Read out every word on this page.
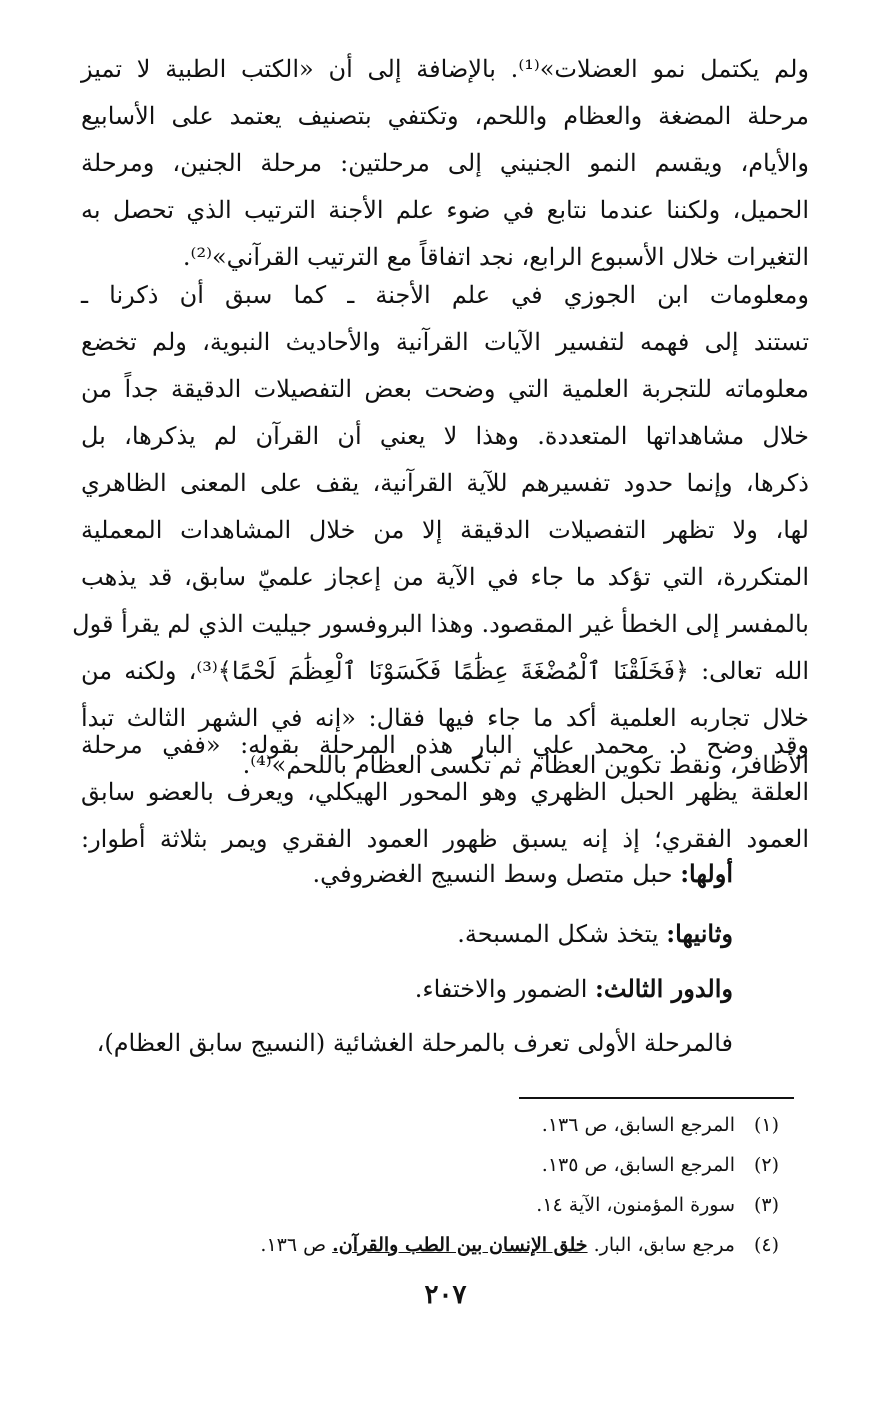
ولم يكتمل نمو العضلات»⁽¹⁾. بالإضافة إلى أن «الكتب الطبية لا تميز
مرحلة المضغة والعظام واللحم، وتكتفي بتصنيف يعتمد على الأسابيع
والأيام، ويقسم النمو الجنيني إلى مرحلتين: مرحلة الجنين، ومرحلة
الحميل، ولكننا عندما نتابع في ضوء علم الأجنة الترتيب الذي تحصل به
التغيرات خلال الأسبوع الرابع، نجد اتفاقاً مع الترتيب القرآني»⁽²⁾.
ومعلومات ابن الجوزي في علم الأجنة ـ كما سبق أن ذكرنا ـ
تستند إلى فهمه لتفسير الآيات القرآنية والأحاديث النبوية، ولم تخضع
معلوماته للتجربة العلمية التي وضحت بعض التفصيلات الدقيقة جداً من
خلال مشاهداتها المتعددة. وهذا لا يعني أن القرآن لم يذكرها، بل
ذكرها، وإنما حدود تفسيرهم للآية القرآنية، يقف على المعنى الظاهري
لها، ولا تظهر التفصيلات الدقيقة إلا من خلال المشاهدات المعملية
المتكررة، التي تؤكد ما جاء في الآية من إعجاز علميّ سابق، قد يذهب
بالمفسر إلى الخطأ غير المقصود. وهذا البروفسور جيليت الذي لم يقرأ قول
الله تعالى: ﴿فَخَلَقْنَا ٱلْمُضْغَةَ عِظَٰمًا فَكَسَوْنَا ٱلْعِظَٰمَ لَحْمًا﴾⁽³⁾، ولكنه من
خلال تجاربه العلمية أكد ما جاء فيها فقال: «إنه في الشهر الثالث تبدأ
الأظافر، ونقط تكوين العظام ثم تكسى العظام باللحم»⁽⁴⁾.
وقد وضح د. محمد علي البار هذه المرحلة بقوله: «ففي مرحلة
العلقة يظهر الحبل الظهري وهو المحور الهيكلي، ويعرف بالعضو سابق
العمود الفقري؛ إذ إنه يسبق ظهور العمود الفقري ويمر بثلاثة أطوار:
أولها: حبل متصل وسط النسيج الغضروفي.
وثانيها: يتخذ شكل المسبحة.
والدور الثالث: الضمور والاختفاء.
فالمرحلة الأولى تعرف بالمرحلة الغشائية (النسيج سابق العظام)،
(١)المرجع السابق، ص ١٣٦.
(٢)المرجع السابق، ص ١٣٥.
(٣)سورة المؤمنون، الآية ١٤.
(٤)مرجع سابق، البار. خلق الإنسان بين الطب والقرآن. ص ١٣٦.
٢٠٧
